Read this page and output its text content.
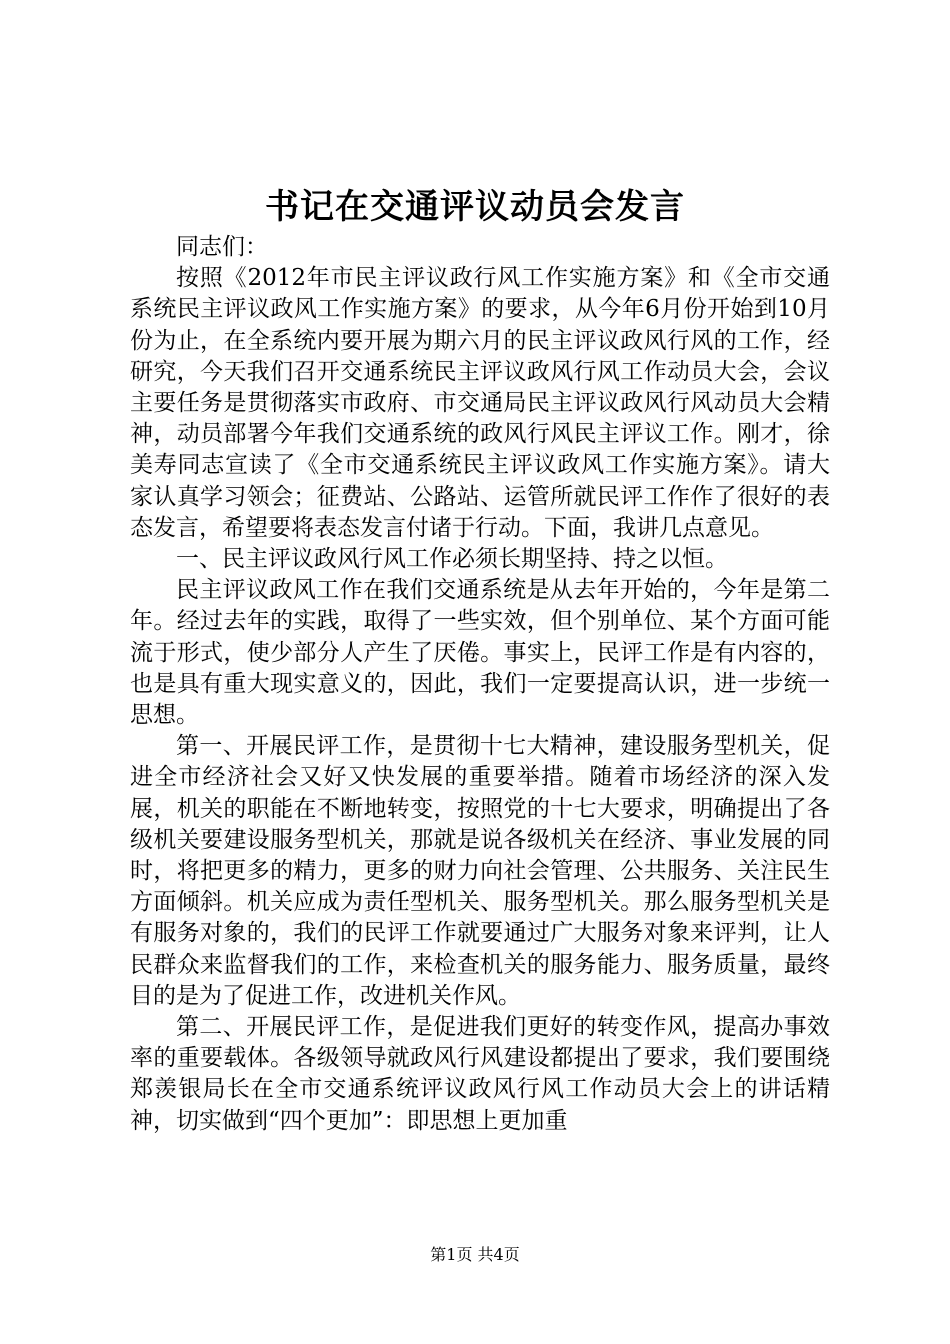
书记在交通评议动员会发言

同志们：

按照《2012年市民主评议政行风工作实施方案》和《全市交通系统民主评议政风工作实施方案》的要求，从今年6月份开始到10月份为止，在全系统内要开展为期六月的民主评议政风行风的工作，经研究，今天我们召开交通系统民主评议政风行风工作动员大会，会议主要任务是贯彻落实市政府、市交通局民主评议政风行风动员大会精神，动员部署今年我们交通系统的政风行风民主评议工作。刚才，徐美寿同志宣读了《全市交通系统民主评议政风工作实施方案》。请大家认真学习领会；征费站、公路站、运管所就民评工作作了很好的表态发言，希望要将表态发言付诸于行动。下面，我讲几点意见。

一、民主评议政风行风工作必须长期坚持、持之以恒。

民主评议政风工作在我们交通系统是从去年开始的，今年是第二年。经过去年的实践，取得了一些实效，但个别单位、某个方面可能流于形式，使少部分人产生了厌倦。事实上，民评工作是有内容的，也是具有重大现实意义的，因此，我们一定要提高认识，进一步统一思想。

第一、开展民评工作，是贯彻十七大精神，建设服务型机关，促进全市经济社会又好又快发展的重要举措。随着市场经济的深入发展，机关的职能在不断地转变，按照党的十七大要求，明确提出了各级机关要建设服务型机关，那就是说各级机关在经济、事业发展的同时，将把更多的精力，更多的财力向社会管理、公共服务、关注民生方面倾斜。机关应成为责任型机关、服务型机关。那么服务型机关是有服务对象的，我们的民评工作就要通过广大服务对象来评判，让人民群众来监督我们的工作，来检查机关的服务能力、服务质量，最终目的是为了促进工作，改进机关作风。

第二、开展民评工作，是促进我们更好的转变作风，提高办事效率的重要载体。各级领导就政风行风建设都提出了要求，我们要围绕郑羡银局长在全市交通系统评议政风行风工作动员大会上的讲话精神，切实做到“四个更加”：即思想上更加重

第1页 共4页
